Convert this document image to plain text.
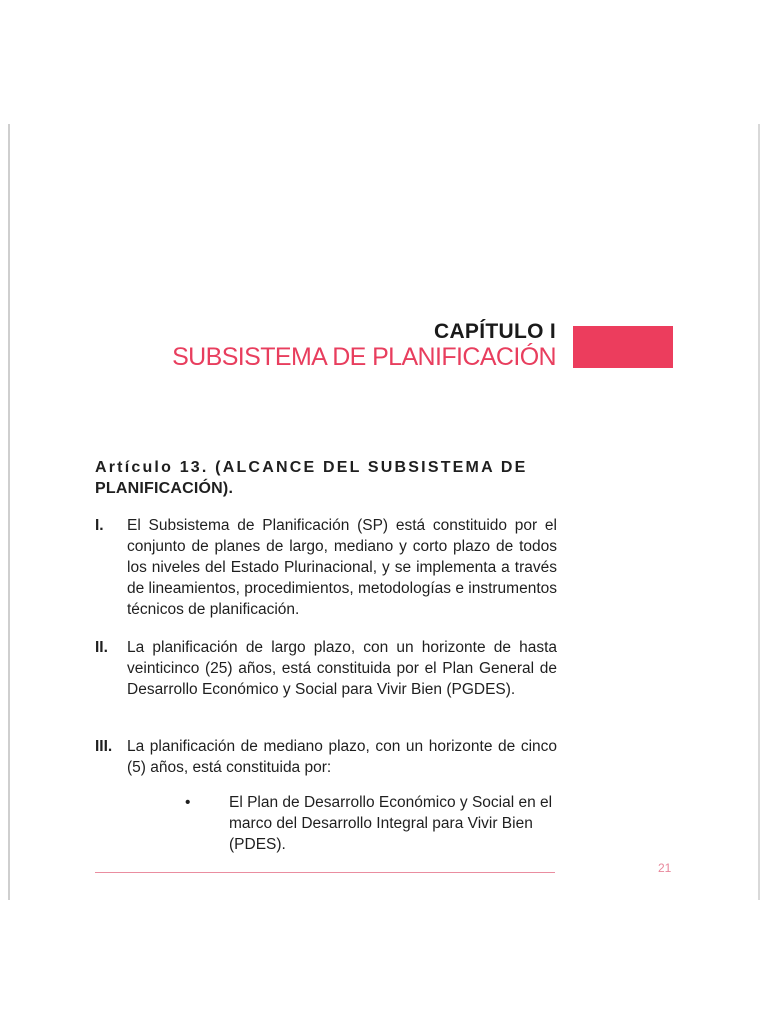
CAPÍTULO I
SUBSISTEMA DE PLANIFICACIÓN
Artículo 13. (ALCANCE DEL SUBSISTEMA DE
PLANIFICACIÓN).
I. El Subsistema de Planificación (SP) está constituido por el conjunto de planes de largo, mediano y corto plazo de todos los niveles del Estado Plurinacional, y se implementa a través de lineamientos, procedimientos, metodologías e instrumentos técnicos de planificación.
II. La planificación de largo plazo, con un horizonte de hasta veinticinco (25) años, está constituida por el Plan General de Desarrollo Económico y Social para Vivir Bien (PGDES).
III. La planificación de mediano plazo, con un horizonte de cinco (5) años, está constituida por:
• El Plan de Desarrollo Económico y Social en el marco del Desarrollo Integral para Vivir Bien (PDES).
21
